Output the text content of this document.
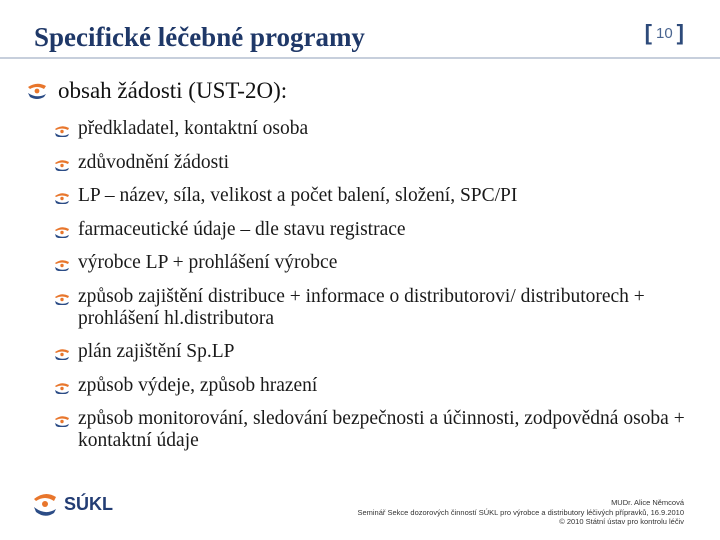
Specifické léčebné programy	[ 10 ]
obsah žádosti (UST-2O):
předkladatel, kontaktní osoba
zdůvodnění žádosti
LP – název, síla, velikost a počet balení, složení, SPC/PI
farmaceutické údaje – dle stavu registrace
výrobce LP + prohlášení výrobce
způsob zajištění distribuce + informace o distributorovi/ distributorech + prohlášení hl.distributora
plán zajištění Sp.LP
způsob výdeje, způsob hrazení
způsob monitorování, sledování bezpečnosti a účinnosti, zodpovědná osoba + kontaktní údaje
SÚKL	MUDr. Alice Němcová
Seminář Sekce dozorových činností SÚKL pro výrobce a distributory léčivých přípravků, 16.9.2010
© 2010 Státní ústav pro kontrolu léčiv
